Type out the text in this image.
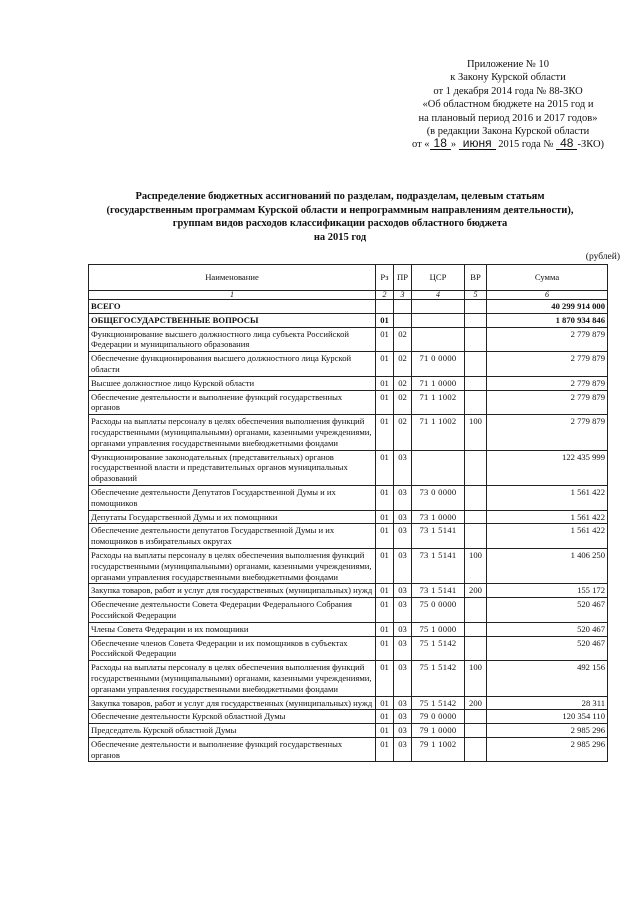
Приложение № 10
к Закону Курской области
от 1 декабря 2014 года № 88-ЗКО
«Об областном бюджете на 2015 год и
на плановый период 2016 и 2017 годов»
(в редакции Закона Курской области
от « 18 » июня 2015 года № 48 -ЗКО)
Распределение бюджетных ассигнований по разделам, подразделам, целевым статьям
(государственным программам Курской области и непрограммным направлениям деятельности),
группам видов расходов классификации расходов областного бюджета
на 2015 год
(рублей)
Наименование	Рз	ПР	ЦСР	ВР	Сумма
1	2	3	4	5	6
ВСЕГО					40 299 914 000
ОБЩЕГОСУДАРСТВЕННЫЕ ВОПРОСЫ	01				1 870 934 846
Функционирование высшего должностного лица субъекта Российской Федерации и муниципального образования	01	02			2 779 879
Обеспечение функционирования высшего должностного лица Курской области	01	02	71 0 0000		2 779 879
Высшее должностное лицо Курской области	01	02	71 1 0000		2 779 879
Обеспечение деятельности и выполнение функций государственных органов	01	02	71 1 1002		2 779 879
Расходы на выплаты персоналу в целях обеспечения выполнения функций государственными (муниципальными) органами, казенными учреждениями, органами управления государственными внебюджетными фондами	01	02	71 1 1002	100	2 779 879
Функционирование законодательных (представительных) органов государственной власти и представительных органов муниципальных образований	01	03			122 435 999
Обеспечение деятельности Депутатов Государственной Думы и их помощников	01	03	73 0 0000		1 561 422
Депутаты Государственной Думы и их помощники	01	03	73 1 0000		1 561 422
Обеспечение деятельности депутатов Государственной Думы и их помощников в избирательных округах	01	03	73 1 5141		1 561 422
Расходы на выплаты персоналу в целях обеспечения выполнения функций государственными (муниципальными) органами, казенными учреждениями, органами управления государственными внебюджетными фондами	01	03	73 1 5141	100	1 406 250
Закупка товаров, работ и услуг для государственных (муниципальных) нужд	01	03	73 1 5141	200	155 172
Обеспечение деятельности Совета Федерации Федерального Собрания Российской Федерации	01	03	75 0 0000		520 467
Члены Совета Федерации и их помощники	01	03	75 1 0000		520 467
Обеспечение членов Совета Федерации и их помощников в субъектах Российской Федерации	01	03	75 1 5142		520 467
Расходы на выплаты персоналу в целях обеспечения выполнения функций государственными (муниципальными) органами, казенными учреждениями, органами управления государственными внебюджетными фондами	01	03	75 1 5142	100	492 156
Закупка товаров, работ и услуг для государственных (муниципальных) нужд	01	03	75 1 5142	200	28 311
Обеспечение деятельности Курской областной Думы	01	03	79 0 0000		120 354 110
Председатель Курской областной Думы	01	03	79 1 0000		2 985 296
Обеспечение деятельности и выполнение функций государственных органов	01	03	79 1 1002		2 985 296
